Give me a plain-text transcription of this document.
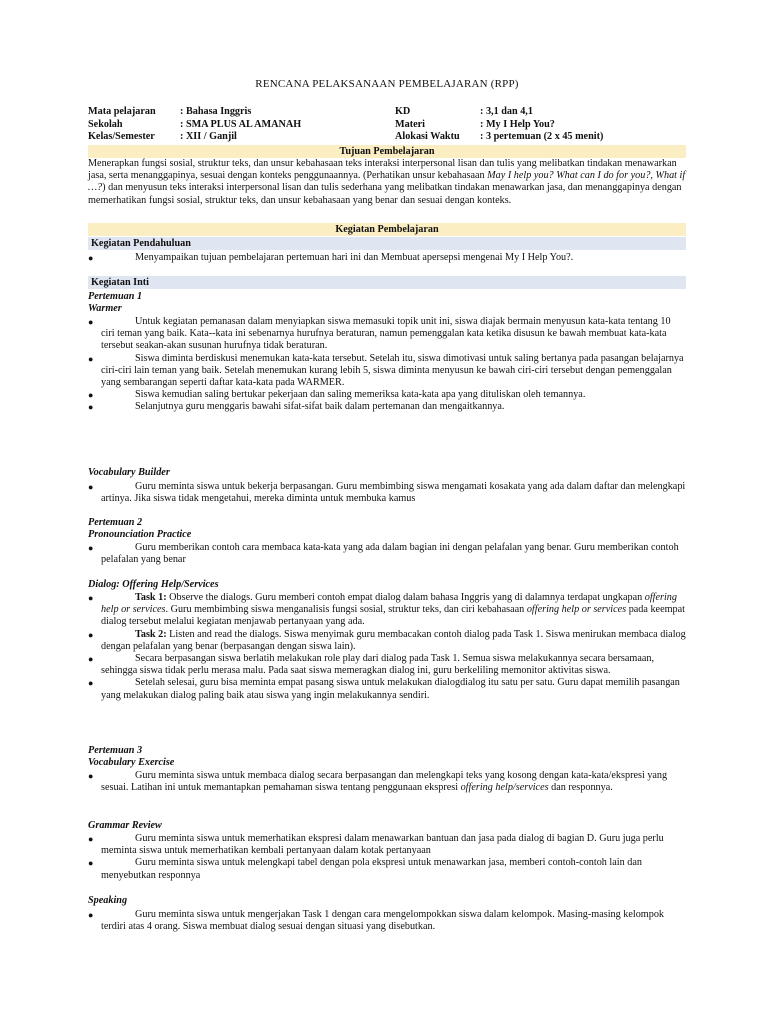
RENCANA PELAKSANAAN PEMBELAJARAN (RPP)
Mata pelajaran	: Bahasa Inggris	KD	: 3,1 dan 4,1
Sekolah	: SMA PLUS AL AMANAH	Materi	: My I Help You?
Kelas/Semester	: XII / Ganjil	Alokasi Waktu	: 3 pertemuan (2 x 45 menit)
Tujuan Pembelajaran
Menerapkan fungsi sosial, struktur teks, dan unsur kebahasaan teks interaksi interpersonal lisan dan tulis yang melibatkan tindakan menawarkan jasa, serta menanggapinya, sesuai dengan konteks penggunaannya. (Perhatikan unsur kebahasaan May I help you? What can I do for you?, What if …?) dan menyusun teks interaksi interpersonal lisan dan tulis sederhana yang melibatkan tindakan menawarkan jasa, dan menanggapinya dengan memerhatikan fungsi sosial, struktur teks, dan unsur kebahasaan yang benar dan sesuai dengan konteks.
Kegiatan Pembelajaran
Kegiatan Pendahuluan
●	Menyampaikan tujuan pembelajaran pertemuan hari ini dan Membuat apersepsi mengenai My I Help You?.
Kegiatan Inti
Pertemuan 1
Warmer
●	Untuk kegiatan pemanasan dalam menyiapkan siswa memasuki topik unit ini, siswa diajak bermain menyusun kata-kata tentang 10 ciri teman yang baik. Kata--kata ini sebenarnya hurufnya beraturan, namun pemenggalan kata ketika disusun ke bawah membuat kata-kata tersebut seakan-akan susunan hurufnya tidak beraturan.
●	Siswa diminta berdiskusi menemukan kata-kata tersebut. Setelah itu, siswa dimotivasi untuk saling bertanya pada pasangan belajarnya ciri-ciri lain teman yang baik. Setelah menemukan kurang lebih 5, siswa diminta menyusun ke bawah ciri-ciri tersebut dengan pemenggalan yang sembarangan seperti daftar kata-kata pada WARMER.
●	Siswa kemudian saling bertukar pekerjaan dan saling memeriksa kata-kata apa yang dituliskan oleh temannya.
●	Selanjutnya guru menggaris bawahi sifat-sifat baik dalam pertemanan dan mengaitkannya.
Vocabulary Builder
●	Guru meminta siswa untuk bekerja berpasangan. Guru membimbing siswa mengamati kosakata yang ada dalam daftar dan melengkapi artinya. Jika siswa tidak mengetahui, mereka diminta untuk membuka kamus
Pertemuan 2
Pronounciation Practice
●	Guru memberikan contoh cara membaca kata-kata yang ada dalam bagian ini dengan pelafalan yang benar. Guru memberikan contoh pelafalan yang benar
Dialog: Offering Help/Services
●	Task 1: Observe the dialogs. Guru memberi contoh empat dialog dalam bahasa Inggris yang di dalamnya terdapat ungkapan offering help or services. Guru membimbing siswa menganalisis fungsi sosial, struktur teks, dan ciri kebahasaan offering help or services pada keempat dialog tersebut melalui kegiatan menjawab pertanyaan yang ada.
●	Task 2: Listen and read the dialogs. Siswa menyimak guru membacakan contoh dialog pada Task 1. Siswa menirukan membaca dialog dengan pelafalan yang benar (berpasangan dengan siswa lain).
●	Secara berpasangan siswa berlatih melakukan role play dari dialog pada Task 1. Semua siswa melakukannya secara bersamaan, sehingga siswa tidak perlu merasa malu. Pada saat siswa memeragkan dialog ini, guru berkeliling memonitor aktivitas siswa.
●	Setelah selesai, guru bisa meminta empat pasang siswa untuk melakukan dialogdialog itu satu per satu. Guru dapat memilih pasangan yang melakukan dialog paling baik atau siswa yang ingin melakukannya sendiri.
Pertemuan 3
Vocabulary Exercise
●	Guru meminta siswa untuk membaca dialog secara berpasangan dan melengkapi teks yang kosong dengan kata-kata/ekspresi yang sesuai. Latihan ini untuk memantapkan pemahaman siswa tentang penggunaan ekspresi offering help/services dan responnya.
Grammar Review
●	Guru meminta siswa untuk memerhatikan ekspresi dalam menawarkan bantuan dan jasa pada dialog di bagian D. Guru juga perlu meminta siswa untuk memerhatikan kembali pertanyaan dalam kotak pertanyaan
●	Guru meminta siswa untuk melengkapi tabel dengan pola ekspresi untuk menawarkan jasa, memberi contoh-contoh lain dan menyebutkan responnya
Speaking
●	Guru meminta siswa untuk mengerjakan Task 1 dengan cara mengelompokkan siswa dalam kelompok. Masing-masing kelompok terdiri atas 4 orang. Siswa membuat dialog sesuai dengan situasi yang disebutkan.
